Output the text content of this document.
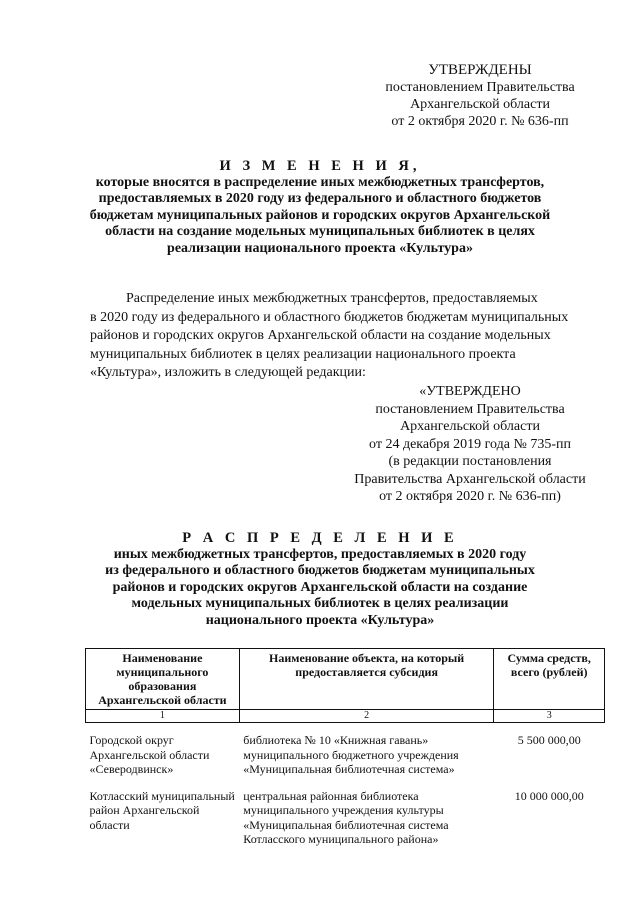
УТВЕРЖДЕНЫ
постановлением Правительства
Архангельской области
от 2 октября 2020 г. № 636-пп
И З М Е Н Е Н И Я,
которые вносятся в распределение иных межбюджетных трансфертов,
предоставляемых в 2020 году из федерального и областного бюджетов
бюджетам муниципальных районов и городских округов Архангельской
области на создание модельных муниципальных библиотек в целях
реализации национального проекта «Культура»
Распределение иных межбюджетных трансфертов, предоставляемых
в 2020 году из федерального и областного бюджетов бюджетам муниципальных
районов и городских округов Архангельской области на создание модельных
муниципальных библиотек в целях реализации национального проекта
«Культура», изложить в следующей редакции:
«УТВЕРЖДЕНО
постановлением Правительства
Архангельской области
от 24 декабря 2019 года № 735-пп
(в редакции постановления
Правительства Архангельской области
от 2 октября 2020 г. № 636-пп)
Р А С П Р Е Д Е Л Е Н И Е
иных межбюджетных трансфертов, предоставляемых в 2020 году
из федерального и областного бюджетов бюджетам муниципальных
районов и городских округов Архангельской области на создание
модельных муниципальных библиотек в целях реализации
национального проекта «Культура»
Наименование муниципального образования Архангельской области	Наименование объекта, на который предоставляется субсидия	Сумма средств, всего (рублей)
1	2	3
Городской округ Архангельской области «Северодвинск»	библиотека № 10 «Книжная гавань» муниципального бюджетного учреждения «Муниципальная библиотечная система»	5 500 000,00
Котласский муниципальный район Архангельской области	центральная районная библиотека муниципального учреждения культуры «Муниципальная библиотечная система Котласского муниципального района»	10 000 000,00
